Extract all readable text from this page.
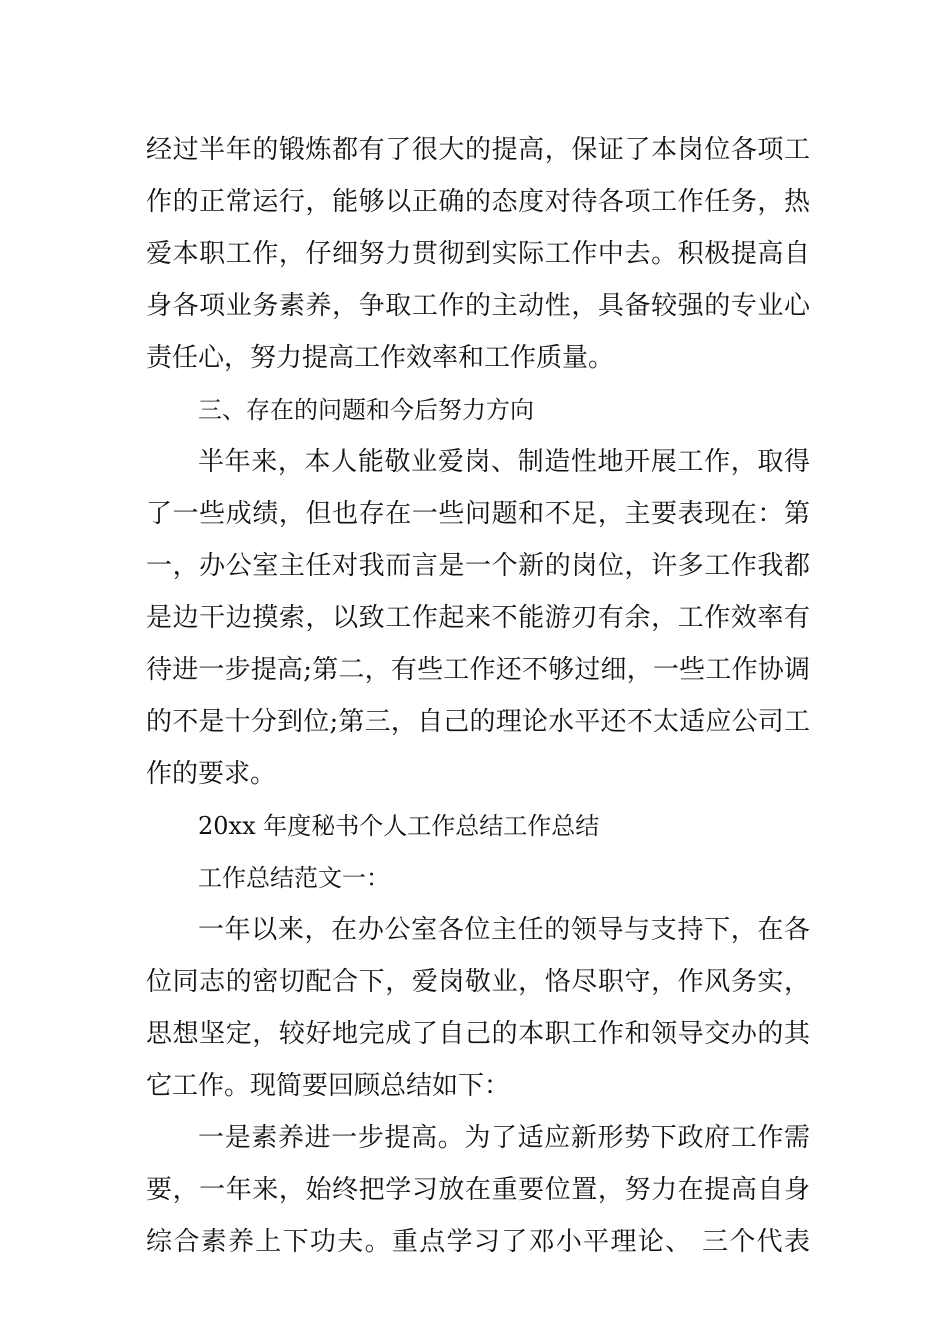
经过半年的锻炼都有了很大的提高，保证了本岗位各项工
作的正常运行，能够以正确的态度对待各项工作任务，热
爱本职工作，仔细努力贯彻到实际工作中去。积极提高自
身各项业务素养，争取工作的主动性，具备较强的专业心
责任心，努力提高工作效率和工作质量。
三、存在的问题和今后努力方向
半年来，本人能敬业爱岗、制造性地开展工作，取得
了一些成绩，但也存在一些问题和不足，主要表现在：第
一，办公室主任对我而言是一个新的岗位，许多工作我都
是边干边摸索，以致工作起来不能游刃有余，工作效率有
待进一步提高;第二，有些工作还不够过细，一些工作协调
的不是十分到位;第三，自己的理论水平还不太适应公司工
作的要求。
20xx 年度秘书个人工作总结工作总结
工作总结范文一：
一年以来，在办公室各位主任的领导与支持下，在各
位同志的密切配合下，爱岗敬业，恪尽职守，作风务实，
思想坚定，较好地完成了自己的本职工作和领导交办的其
它工作。现简要回顾总结如下：
一是素养进一步提高。为了适应新形势下政府工作需
要，一年来，始终把学习放在重要位置，努力在提高自身
综合素养上下功夫。重点学习了邓小平理论、 三个代表
